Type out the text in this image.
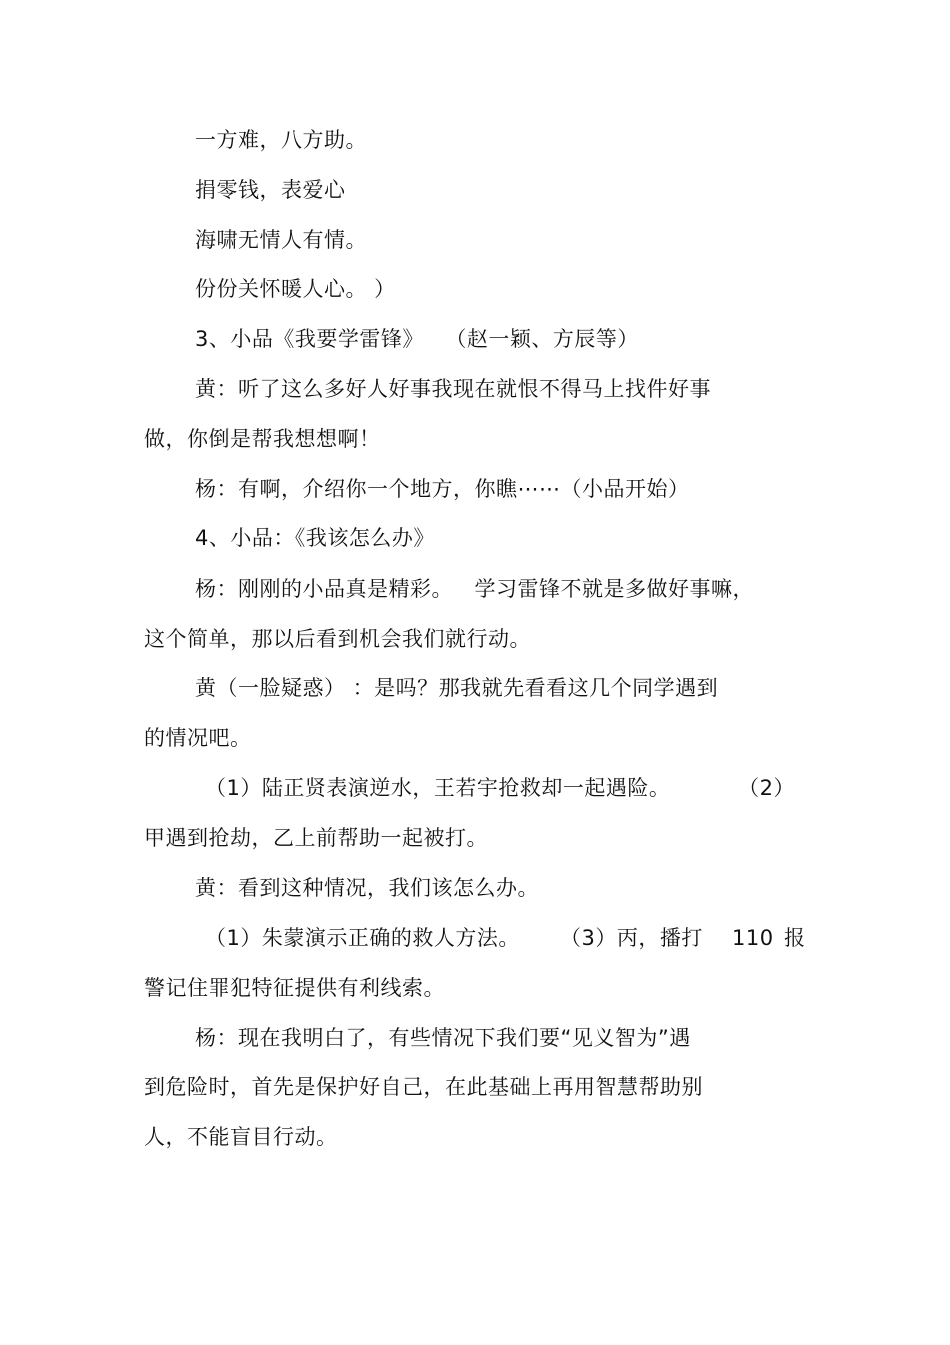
一方难，八方助。
捐零钱，表爱心
海啸无情人有情。
份份关怀暖人心。 ）
3、小品《我要学雷锋》   （赵一颖、方辰等）
黄：听了这么多好人好事我现在就恨不得马上找件好事
做，你倒是帮我想想啊！
杨：有啊，介绍你一个地方，你瞧⋯⋯（小品开始）
4、小品：《我该怎么办》
杨：刚刚的小品真是精彩。   学习雷锋不就是多做好事嘛，
这个简单，那以后看到机会我们就行动。
黄（一脸疑惑） ：是吗？那我就先看看这几个同学遇到
的情况吧。
（1）陆正贤表演逆水，王若宇抢救却一起遇险。	（2）
甲遇到抢劫，乙上前帮助一起被打。
黄：看到这种情况，我们该怎么办。
（1）朱蒙演示正确的救人方法。 （3）丙，播打 110 报
警记住罪犯特征提供有利线索。
杨：现在我明白了，有些情况下我们要“见义智为”遇
到危险时，首先是保护好自己，在此基础上再用智慧帮助别
人，不能盲目行动。
